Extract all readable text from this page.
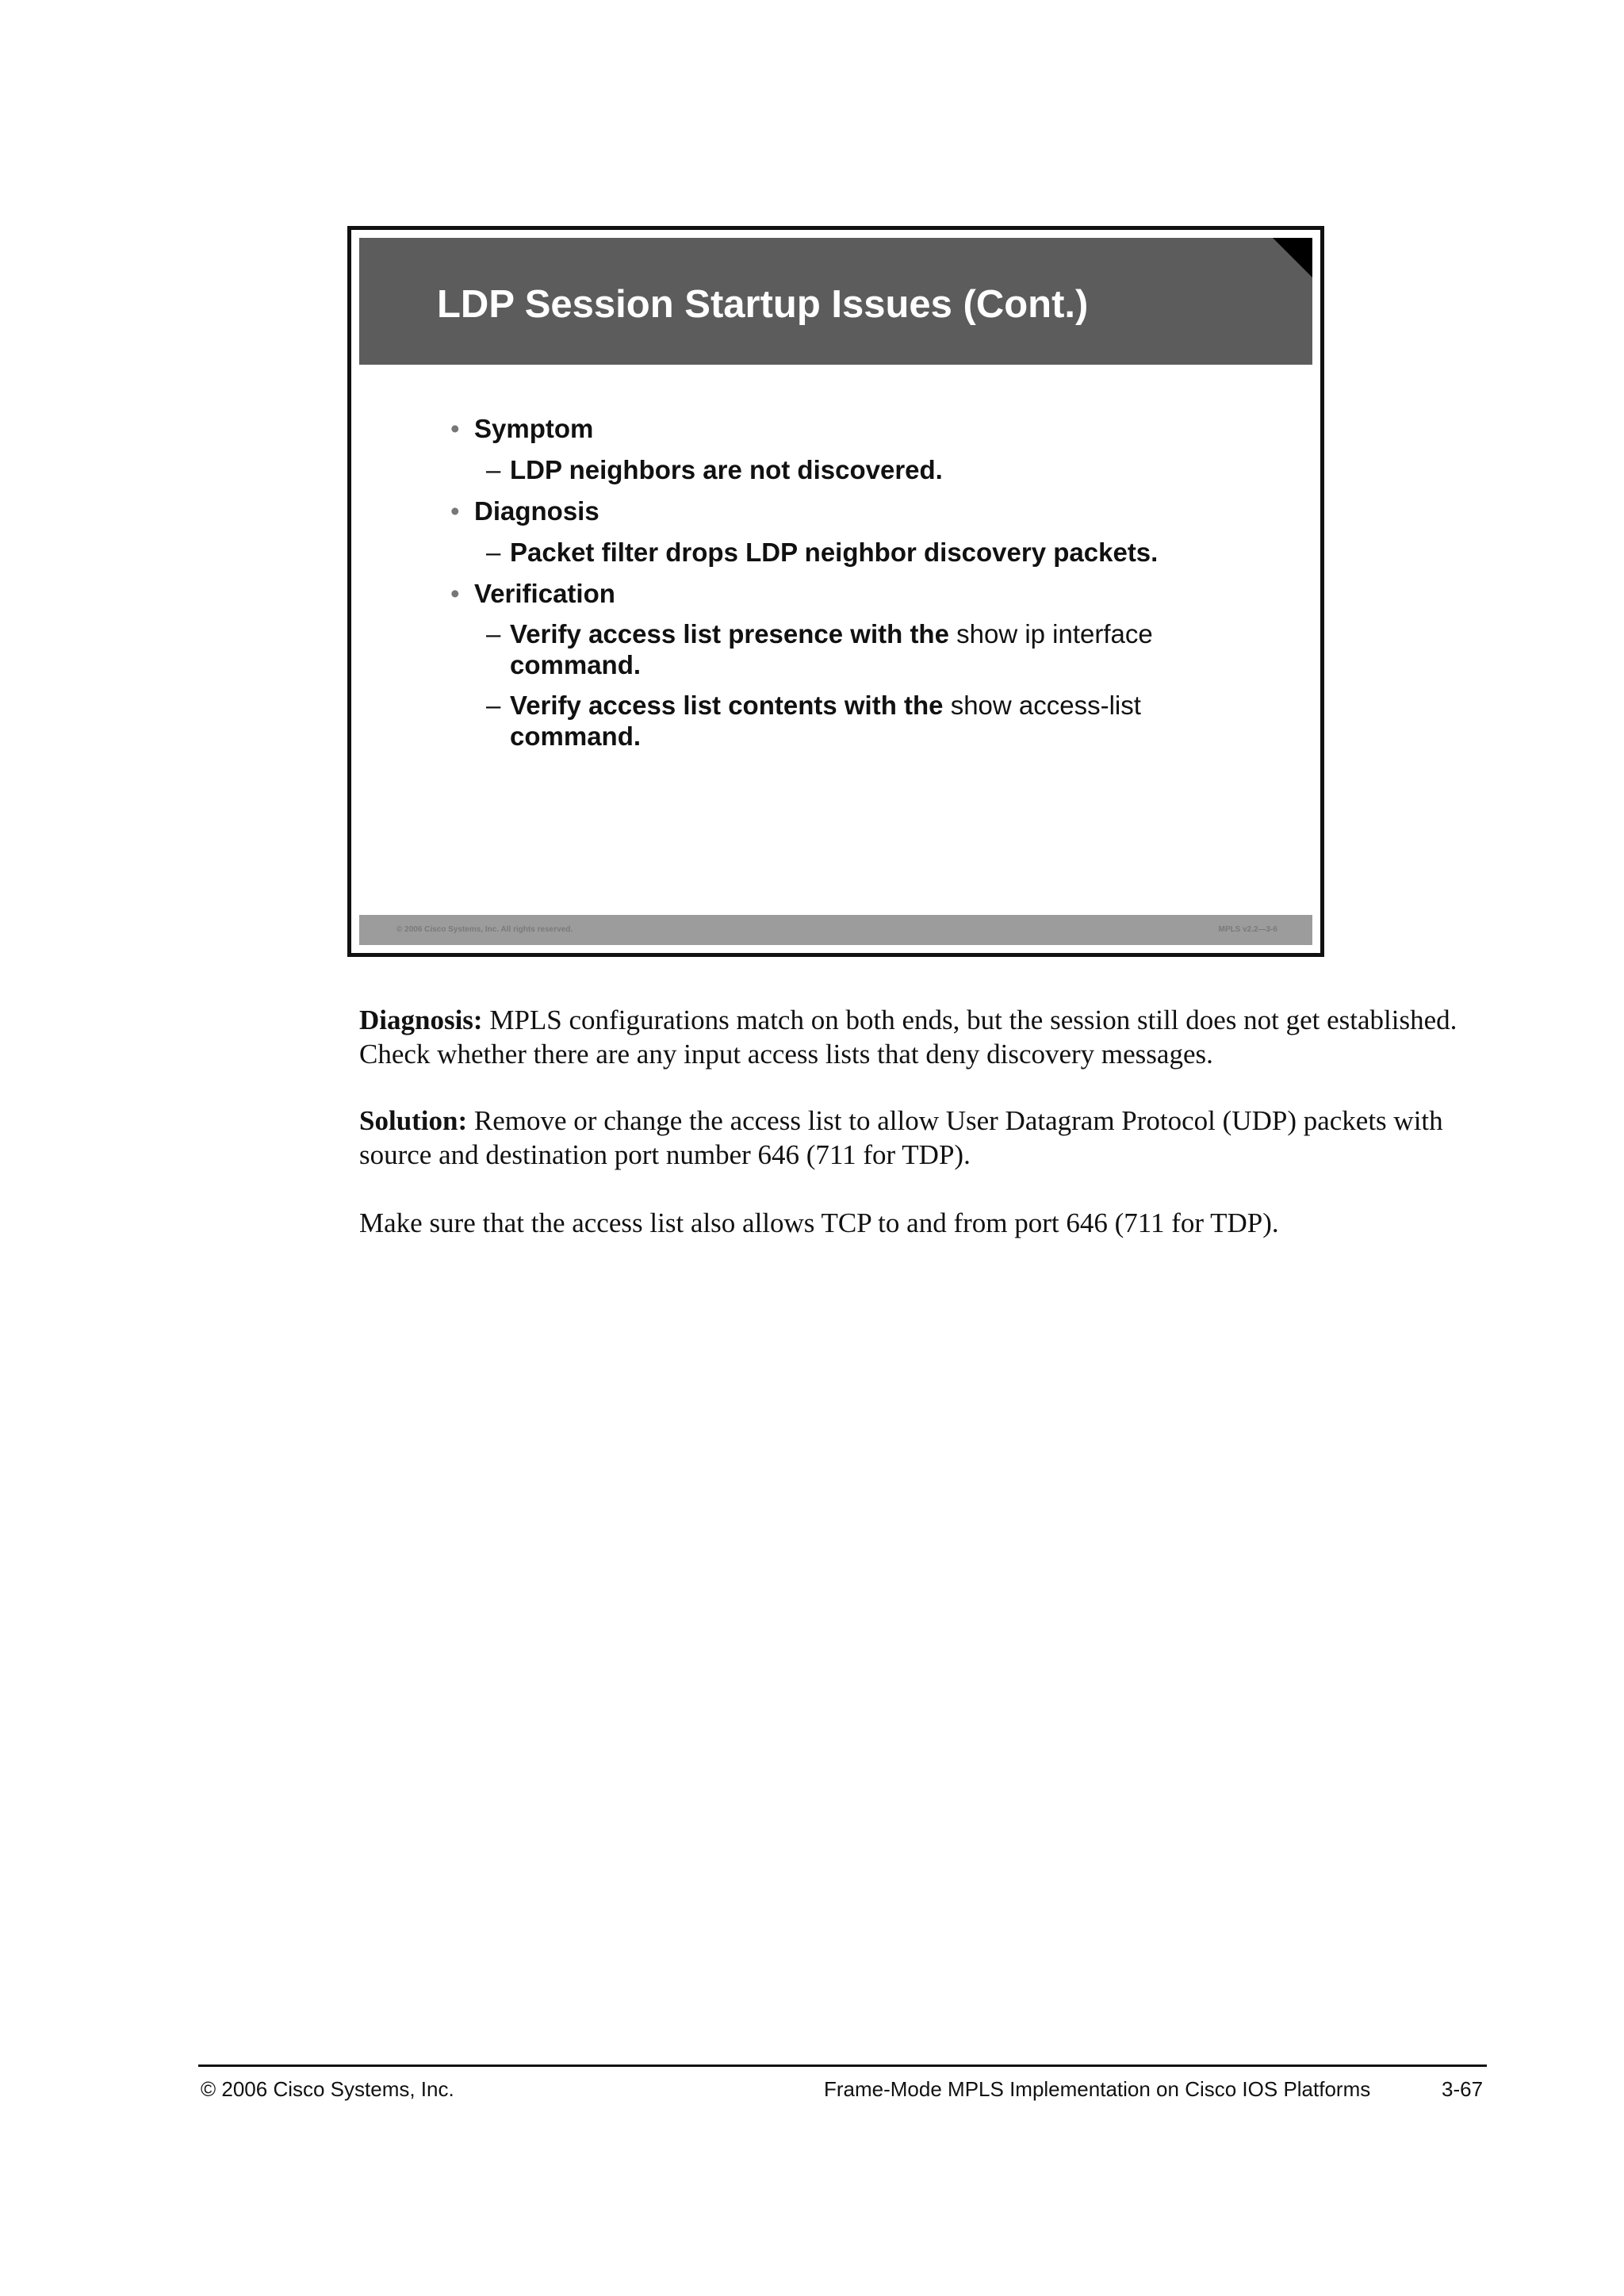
LDP Session Startup Issues (Cont.)
• Symptom
– LDP neighbors are not discovered.
• Diagnosis
– Packet filter drops LDP neighbor discovery packets.
• Verification
– Verify access list presence with the show ip interface
command.
– Verify access list contents with the show access-list
command.
© 2006 Cisco Systems, Inc. All rights reserved.	MPLS v2.2—3-6
Diagnosis: MPLS configurations match on both ends, but the session still does not get established. Check whether there are any input access lists that deny discovery messages.
Solution: Remove or change the access list to allow User Datagram Protocol (UDP) packets with source and destination port number 646 (711 for TDP).
Make sure that the access list also allows TCP to and from port 646 (711 for TDP).
© 2006 Cisco Systems, Inc.	Frame-Mode MPLS Implementation on Cisco IOS Platforms	3-67
